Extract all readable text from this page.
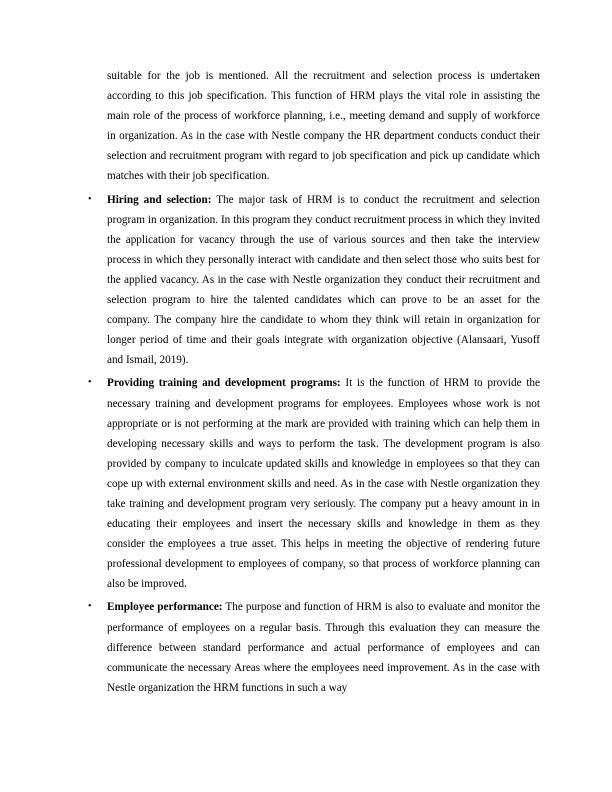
suitable for the job is mentioned. All the recruitment and selection process is undertaken according to this job specification. This function of HRM plays the vital role in assisting the main role of the process of workforce planning, i.e., meeting demand and supply of workforce in organization. As in the case with Nestle company the HR department conducts conduct their selection and recruitment program with regard to job specification and pick up candidate which matches with their job specification.

• Hiring and selection: The major task of HRM is to conduct the recruitment and selection program in organization. In this program they conduct recruitment process in which they invited the application for vacancy through the use of various sources and then take the interview process in which they personally interact with candidate and then select those who suits best for the applied vacancy. As in the case with Nestle organization they conduct their recruitment and selection program to hire the talented candidates which can prove to be an asset for the company. The company hire the candidate to whom they think will retain in organization for longer period of time and their goals integrate with organization objective (Alansaari, Yusoff and Ismail, 2019).

• Providing training and development programs: It is the function of HRM to provide the necessary training and development programs for employees. Employees whose work is not appropriate or is not performing at the mark are provided with training which can help them in developing necessary skills and ways to perform the task. The development program is also provided by company to inculcate updated skills and knowledge in employees so that they can cope up with external environment skills and need. As in the case with Nestle organization they take training and development program very seriously. The company put a heavy amount in in educating their employees and insert the necessary skills and knowledge in them as they consider the employees a true asset. This helps in meeting the objective of rendering future professional development to employees of company, so that process of workforce planning can also be improved.

• Employee performance: The purpose and function of HRM is also to evaluate and monitor the performance of employees on a regular basis. Through this evaluation they can measure the difference between standard performance and actual performance of employees and can communicate the necessary Areas where the employees need improvement. As in the case with Nestle organization the HRM functions in such a way
